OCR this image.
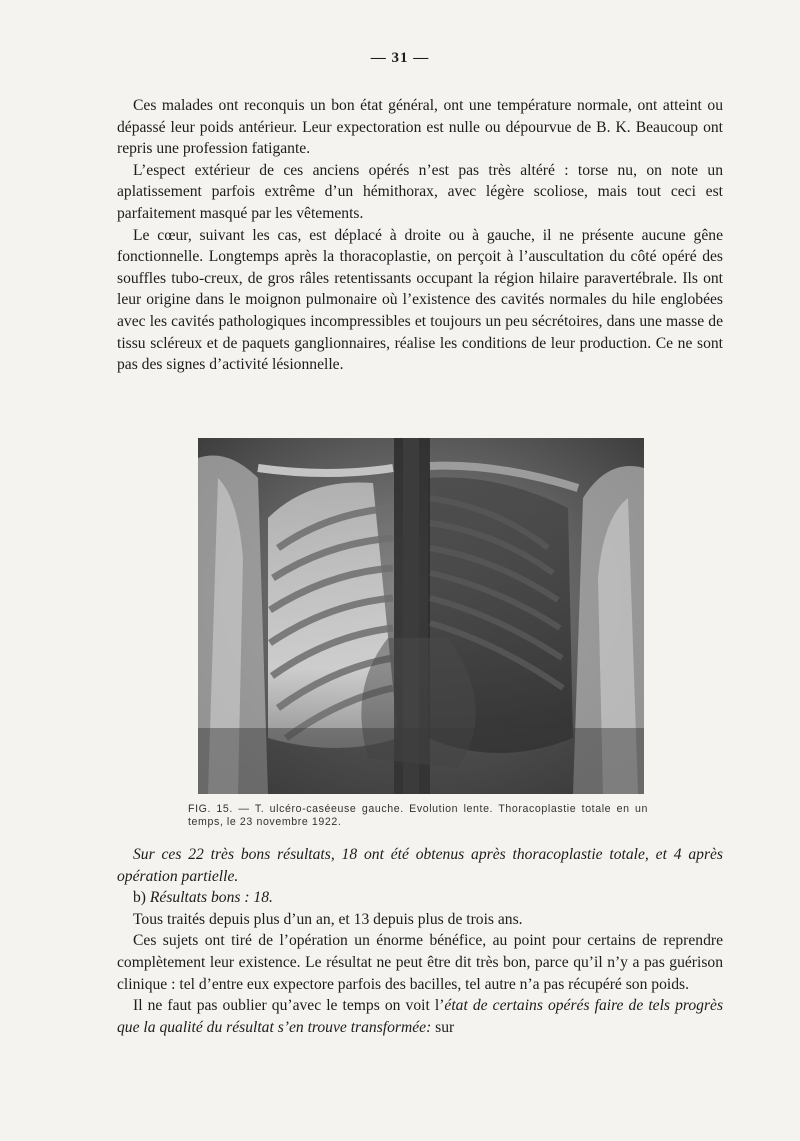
— 31 —

Ces malades ont reconquis un bon état général, ont une température normale, ont atteint ou dépassé leur poids antérieur. Leur expectoration est nulle ou dépourvue de B. K. Beaucoup ont repris une profession fatigante.

L’espect extérieur de ces anciens opérés n’est pas très altéré : torse nu, on note un aplatissement parfois extrême d’un hémithorax, avec légère scoliose, mais tout ceci est parfaitement masqué par les vêtements.

Le cœur, suivant les cas, est déplacé à droite ou à gauche, il ne présente aucune gêne fonctionnelle. Longtemps après la thoracoplastie, on perçoit à l’auscultation du côté opéré des souffles tubo-creux, de gros râles retentissants occupant la région hilaire paravertébrale. Ils ont leur origine dans le moignon pulmonaire où l’existence des cavités normales du hile englobées avec les cavités pathologiques incompressibles et toujours un peu sécrétoires, dans une masse de tissu scléreux et de paquets ganglionnaires, réalise les conditions de leur production. Ce ne sont pas des signes d’activité lésionnelle.

FIG. 15. — T. ulcéro-caséeuse gauche. Evolution lente. Thoracoplastie totale en un temps, le 23 novembre 1922.

Sur ces 22 très bons résultats, 18 ont été obtenus après thoracoplastie totale, et 4 après opération partielle.

b) Résultats bons : 18.

Tous traités depuis plus d’un an, et 13 depuis plus de trois ans.

Ces sujets ont tiré de l’opération un énorme bénéfice, au point pour certains de reprendre complètement leur existence. Le résultat ne peut être dit très bon, parce qu’il n’y a pas guérison clinique : tel d’entre eux expectore parfois des bacilles, tel autre n’a pas récupéré son poids.

Il ne faut pas oublier qu’avec le temps on voit l’état de certains opérés faire de tels progrès que la qualité du résultat s’en trouve transformée: sur
